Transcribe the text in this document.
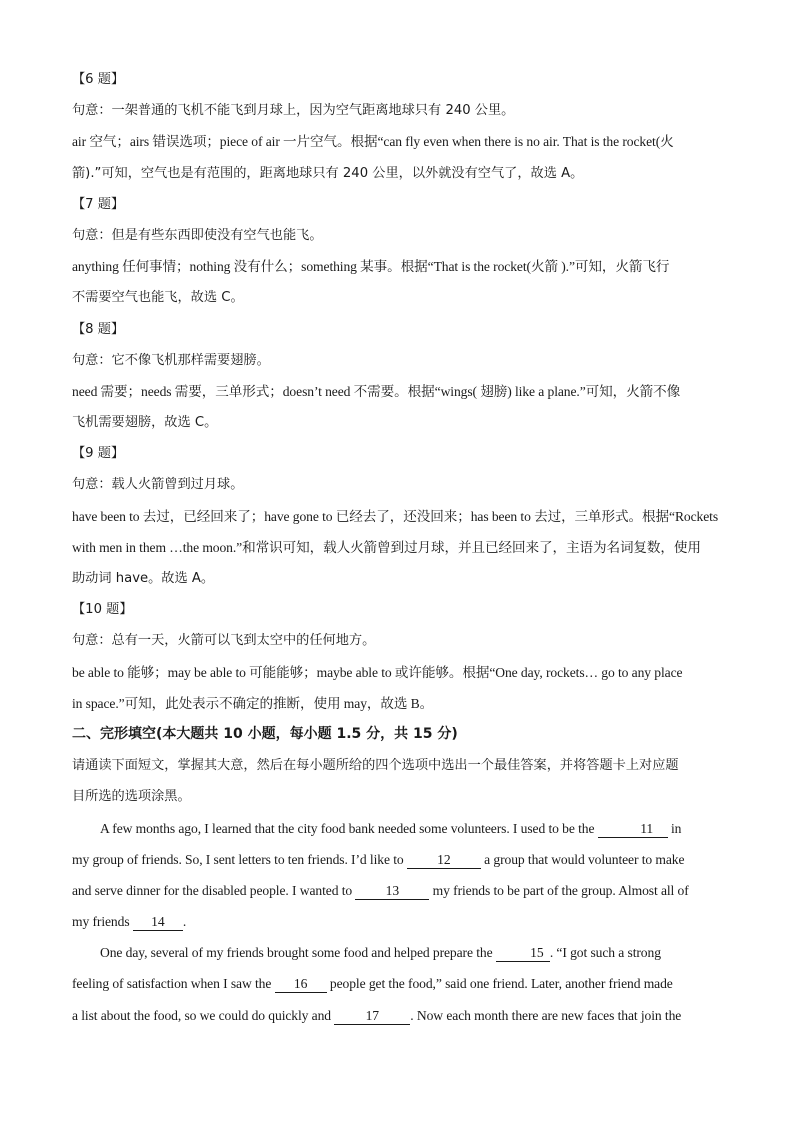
【6 题】
句意：一架普通的飞机不能飞到月球上，因为空气距离地球只有 240 公里。
air 空气；airs 错误选项；piece of air 一片空气。根据“can fly even when there is no air. That is the rocket(火
箭).”可知，空气也是有范围的，距离地球只有 240 公里，以外就没有空气了，故选 A。
【7 题】
句意：但是有些东西即使没有空气也能飞。
anything 任何事情；nothing 没有什么；something 某事。根据“That is the rocket(火箭 ).”可知，火箭飞行
不需要空气也能飞，故选 C。
【8 题】
句意：它不像飞机那样需要翅膀。
need 需要；needs 需要，三单形式；doesn’t need 不需要。根据“wings( 翅膀) like a plane.”可知，火箭不像
飞机需要翅膀，故选 C。
【9 题】
句意：载人火箭曾到过月球。
have been to 去过，已经回来了；have gone to 已经去了，还没回来；has been to 去过，三单形式。根据“Rockets
with men in them …the moon.”和常识可知，载人火箭曾到过月球，并且已经回来了，主语为名词复数，使用
助动词 have。故选 A。
【10 题】
句意：总有一天，火箭可以飞到太空中的任何地方。
be able to 能够；may be able to 可能能够；maybe able to 或许能够。根据“One day, rockets… go to any place
in space.”可知，此处表示不确定的推断，使用 may，故选 B。
二、完形填空(本大题共 10 小题，每小题 1.5 分，共 15 分)
请通读下面短文，掌握其大意，然后在每小题所给的四个选项中选出一个最佳答案，并将答题卡上对应题
目所选的选项涂黑。
A few months ago, I learned that the city food bank needed some volunteers. I used to be the	11 in
my group of friends. So, I sent letters to ten friends. I’d like to 12 a group that would volunteer to make
and serve dinner for the disabled people. I wanted to 13 my friends to be part of the group. Almost all of
my friends 14 .
One day, several of my friends brought some food and helped prepare the	15 . “I got such a strong
feeling of satisfaction when I saw the 16 people get the food,” said one friend. Later, another friend made
a list about the food, so we could do quickly and 17 . Now each month there are new faces that join the
